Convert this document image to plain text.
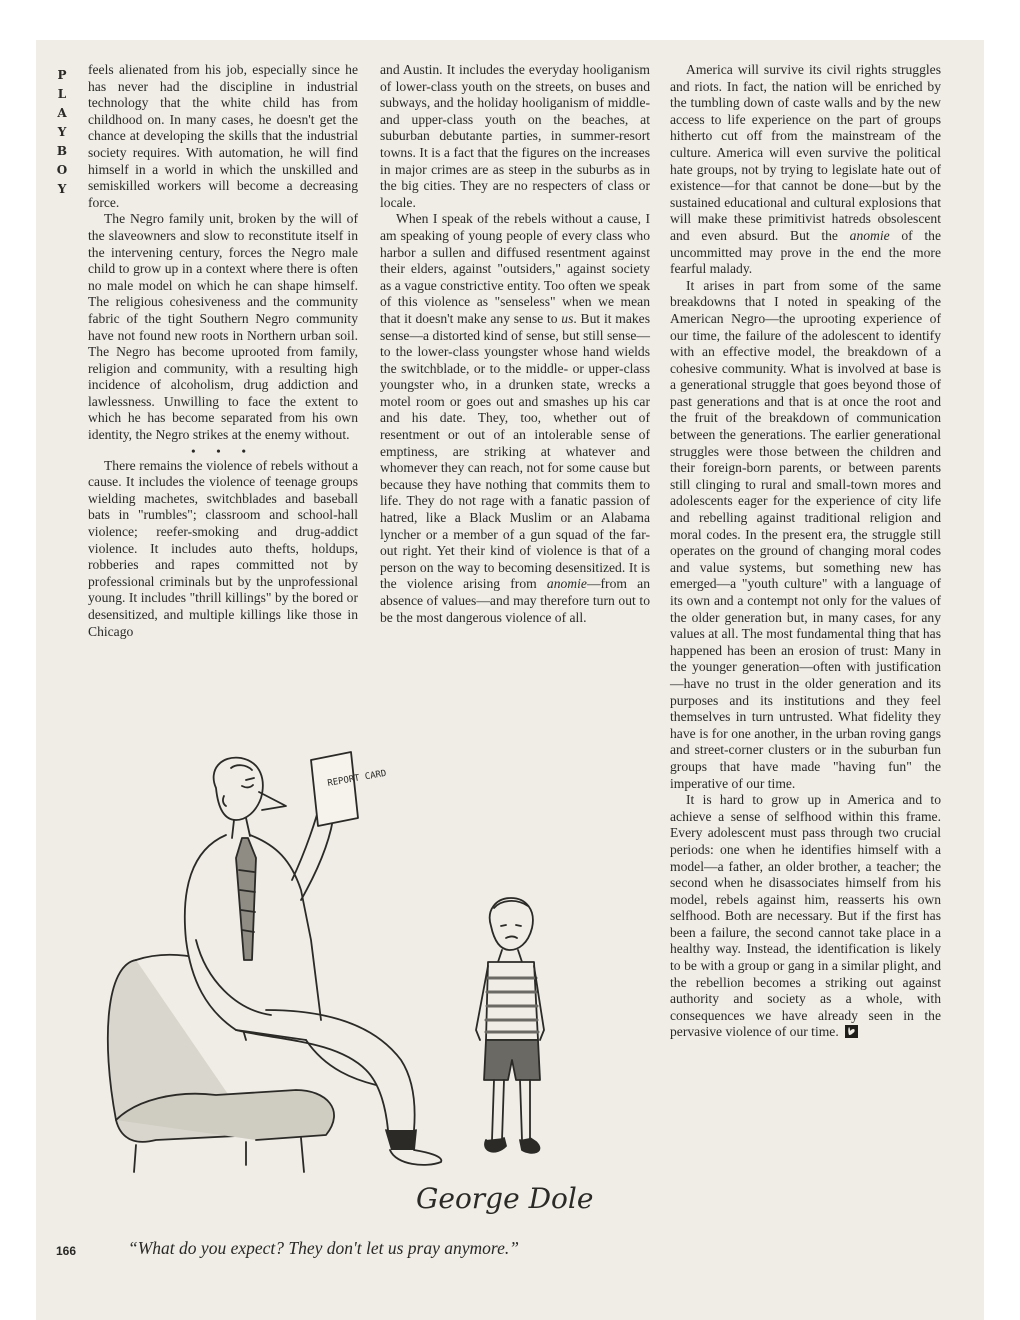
PLAYBOY

feels alienated from his job, especially since he has never had the discipline in industrial technology that the white child has from childhood on. In many cases, he doesn't get the chance at developing the skills that the industrial society requires. With automation, he will find himself in a world in which the unskilled and semiskilled workers will become a decreasing force.

The Negro family unit, broken by the will of the slaveowners and slow to reconstitute itself in the intervening century, forces the Negro male child to grow up in a context where there is often no male model on which he can shape himself. The religious cohesiveness and the community fabric of the tight Southern Negro community have not found new roots in Northern urban soil. The Negro has become uprooted from family, religion and community, with a resulting high incidence of alcoholism, drug addiction and lawlessness. Unwilling to face the extent to which he has become separated from his own identity, the Negro strikes at the enemy without.

• • •

There remains the violence of rebels without a cause. It includes the violence of teenage groups wielding machetes, switchblades and baseball bats in "rumbles"; classroom and school-hall violence; reefer-smoking and drug-addict violence. It includes auto thefts, holdups, robberies and rapes committed not by professional criminals but by the unprofessional young. It includes "thrill killings" by the bored or desensitized, and multiple killings like those in Chicago

and Austin. It includes the everyday hooliganism of lower-class youth on the streets, on buses and subways, and the holiday hooliganism of middle- and upper-class youth on the beaches, at suburban debutante parties, in summer-resort towns. It is a fact that the figures on the increases in major crimes are as steep in the suburbs as in the big cities. They are no respecters of class or locale.

When I speak of the rebels without a cause, I am speaking of young people of every class who harbor a sullen and diffused resentment against their elders, against "outsiders," against society as a vague constrictive entity. Too often we speak of this violence as "senseless" when we mean that it doesn't make any sense to us. But it makes sense—a distorted kind of sense, but still sense—to the lower-class youngster whose hand wields the switchblade, or to the middle- or upper-class youngster who, in a drunken state, wrecks a motel room or goes out and smashes up his car and his date. They, too, whether out of resentment or out of an intolerable sense of emptiness, are striking at whatever and whomever they can reach, not for some cause but because they have nothing that commits them to life. They do not rage with a fanatic passion of hatred, like a Black Muslim or an Alabama lyncher or a member of a gun squad of the far-out right. Yet their kind of violence is that of a person on the way to becoming desensitized. It is the violence arising from anomie—from an absence of values—and may therefore turn out to be the most dangerous violence of all.

America will survive its civil rights struggles and riots. In fact, the nation will be enriched by the tumbling down of caste walls and by the new access to life experience on the part of groups hitherto cut off from the mainstream of the culture. America will even survive the political hate groups, not by trying to legislate hate out of existence—for that cannot be done—but by the sustained educational and cultural explosions that will make these primitivist hatreds obsolescent and even absurd. But the anomie of the uncommitted may prove in the end the more fearful malady.

It arises in part from some of the same breakdowns that I noted in speaking of the American Negro—the uprooting experience of our time, the failure of the adolescent to identify with an effective model, the breakdown of a cohesive community. What is involved at base is a generational struggle that goes beyond those of past generations and that is at once the root and the fruit of the breakdown of communication between the generations. The earlier generational struggles were those between the children and their foreign-born parents, or between parents still clinging to rural and small-town mores and adolescents eager for the experience of city life and rebelling against traditional religion and moral codes. In the present era, the struggle still operates on the ground of changing moral codes and value systems, but something new has emerged—a "youth culture" with a language of its own and a contempt not only for the values of the older generation but, in many cases, for any values at all. The most fundamental thing that has happened has been an erosion of trust: Many in the younger generation—often with justification—have no trust in the older generation and its purposes and its institutions and they feel themselves in turn untrusted. What fidelity they have is for one another, in the urban roving gangs and street-corner clusters or in the suburban fun groups that have made "having fun" the imperative of our time.

It is hard to grow up in America and to achieve a sense of selfhood within this frame. Every adolescent must pass through two crucial periods: one when he identifies himself with a model—a father, an older brother, a teacher; the second when he disassociates himself from his model, rebels against him, reasserts his own selfhood. Both are necessary. But if the first has been a failure, the second cannot take place in a healthy way. Instead, the identification is likely to be with a group or gang in a similar plight, and the rebellion becomes a striking out against authority and society as a whole, with consequences we have already seen in the pervasive violence of our time.

REPORT CARD
George Dole
“What do you expect? They don't let us pray anymore.”
166
